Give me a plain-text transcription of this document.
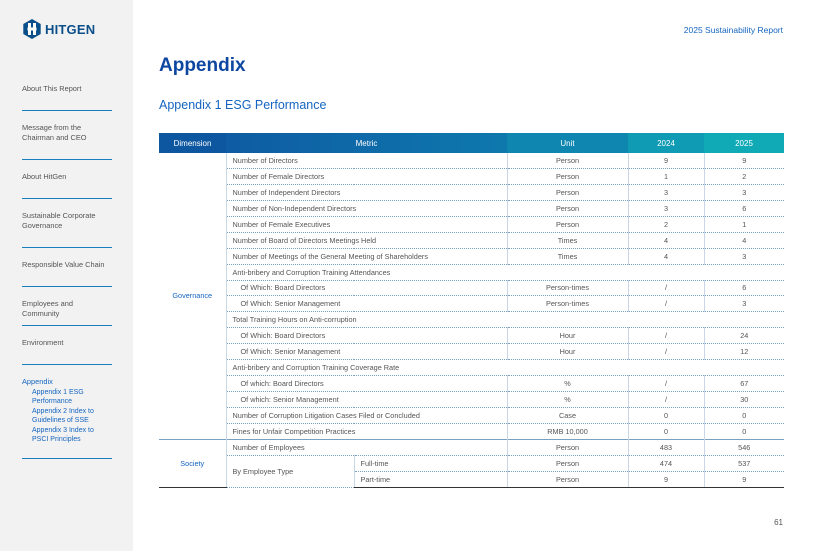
HITGEN
About This Report
Message from the Chairman and CEO
About HitGen
Sustainable Corporate Governance
Responsible Value Chain
Employees and Community
Environment
Appendix
Appendix 1 ESG Performance
Appendix 2 Index to Guidelines of SSE
Appendix 3 Index to PSCI Principles
2025 Sustainability Report
Appendix
Appendix 1 ESG Performance
Dimension	Metric		Unit	2024	2025
Governance	Number of Directors		Person	9	9
	Number of Female Directors		Person	1	2
	Number of Independent Directors		Person	3	3
	Number of Non-Independent Directors		Person	3	6
	Number of Female Executives		Person	2	1
	Number of Board of Directors Meetings Held		Times	4	4
	Number of Meetings of the General Meeting of Shareholders		Times	4	3
	Anti-bribery and Corruption Training Attendances				
	Of Which: Board Directors		Person-times	/	6
	Of Which: Senior Management		Person-times	/	3
	Total Training Hours on Anti-corruption				
	Of Which: Board Directors		Hour	/	24
	Of Which: Senior Management		Hour	/	12
	Anti-bribery and Corruption Training Coverage Rate				
	Of which: Board Directors		%	/	67
	Of which: Senior Management		%	/	30
	Number of Corruption Litigation Cases Filed or Concluded		Case	0	0
	Fines for Unfair Competition Practices		RMB 10,000	0	0
Society	Number of Employees		Person	483	546
	By Employee Type	Full-time	Person	474	537
		Part-time	Person	9	9
61
